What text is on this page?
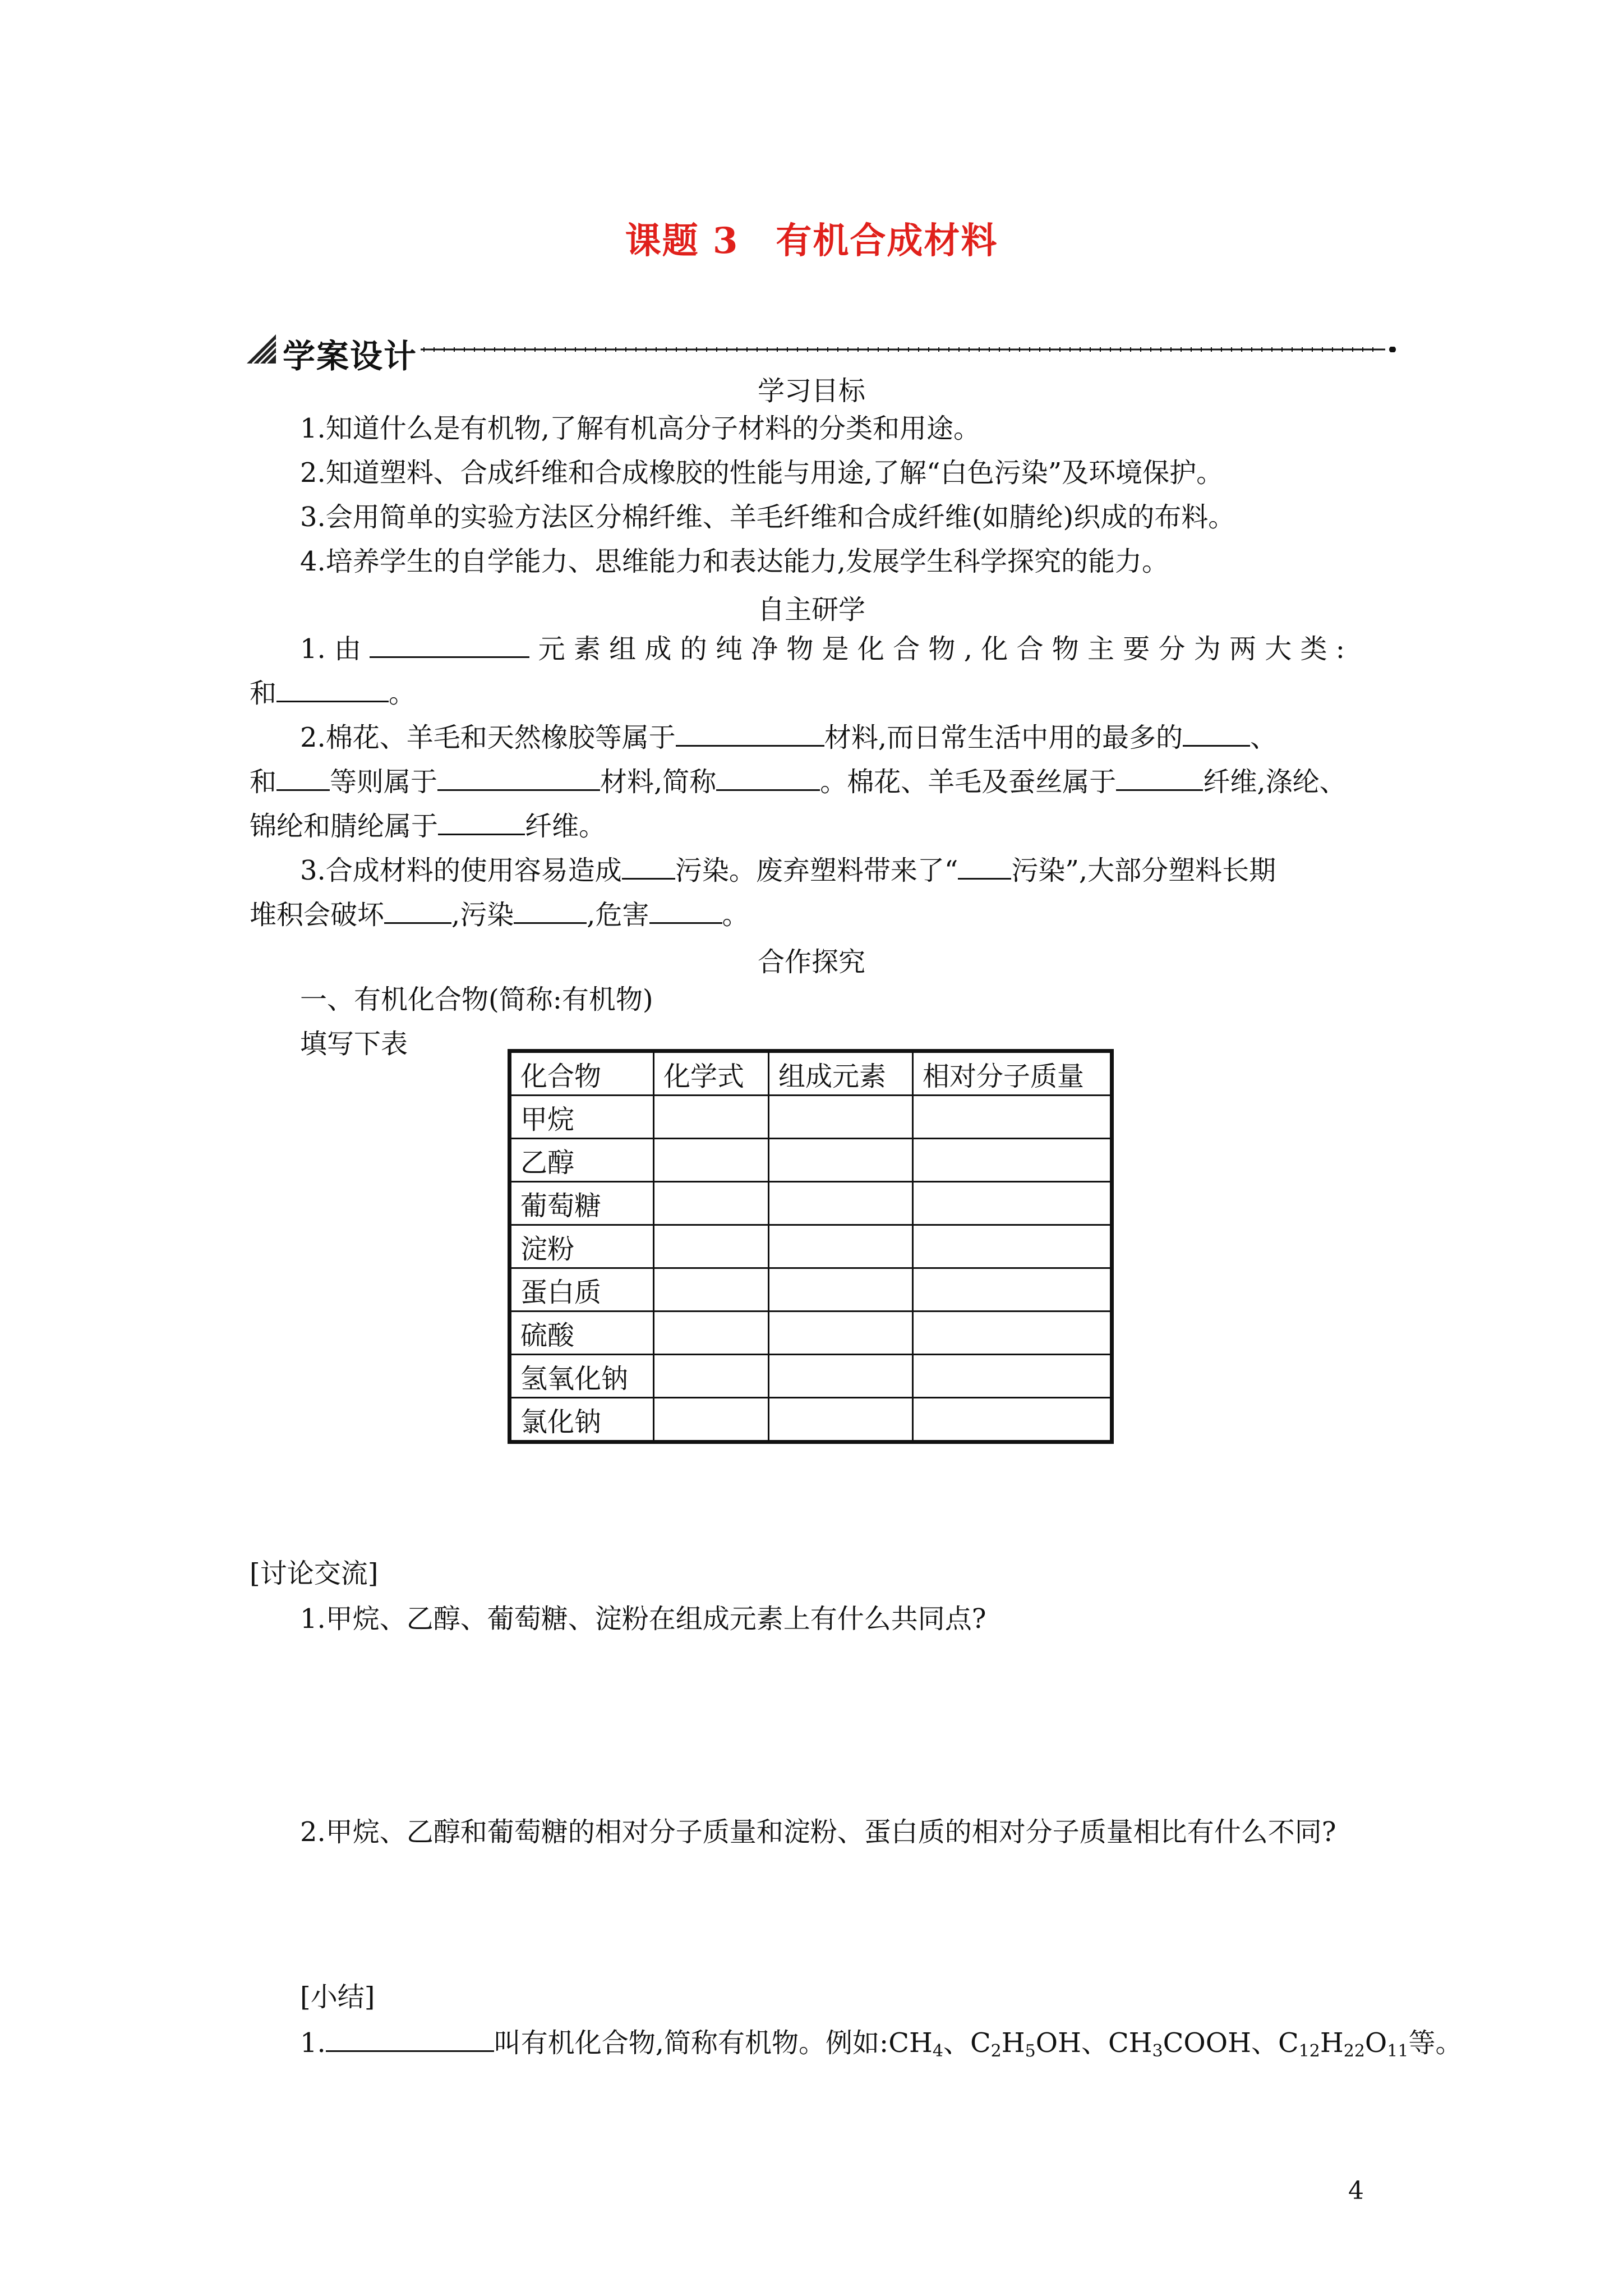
课题 3　有机合成材料
学案设计
学习目标
1.知道什么是有机物,了解有机高分子材料的分类和用途。
2.知道塑料、合成纤维和合成橡胶的性能与用途,了解“白色污染”及环境保护。
3.会用简单的实验方法区分棉纤维、羊毛纤维和合成纤维(如腈纶)织成的布料。
4.培养学生的自学能力、思维能力和表达能力,发展学生科学探究的能力。
自主研学
1. 由	元 素 组 成 的 纯 净 物 是 化 合 物 , 化 合 物 主 要 分 为 两 大 类 :
和	。
2.棉花、羊毛和天然橡胶等属于	材料,而日常生活中用的最多的	、
和 等则属于	材料,简称	。棉花、羊毛及蚕丝属于	纤维,涤纶、
锦纶和腈纶属于	纤维。
3.合成材料的使用容易造成 污染。废弃塑料带来了“ 污染”,大部分塑料长期
堆积会破坏	,污染	,危害	。
合作探究
一、有机化合物(简称:有机物)
填写下表
化合物	化学式	组成元素	相对分子质量
甲烷			
乙醇			
葡萄糖			
淀粉			
蛋白质			
硫酸			
氢氧化钠			
氯化钠			
[讨论交流]
1.甲烷、乙醇、葡萄糖、淀粉在组成元素上有什么共同点?
2.甲烷、乙醇和葡萄糖的相对分子质量和淀粉、蛋白质的相对分子质量相比有什么不同?
[小结]
1.	叫有机化合物,简称有机物。例如$:CH_4$、$C_2H_5OH$、$CH_3COOH$、$C_{12}H_{22}O_{11}$等。
4
